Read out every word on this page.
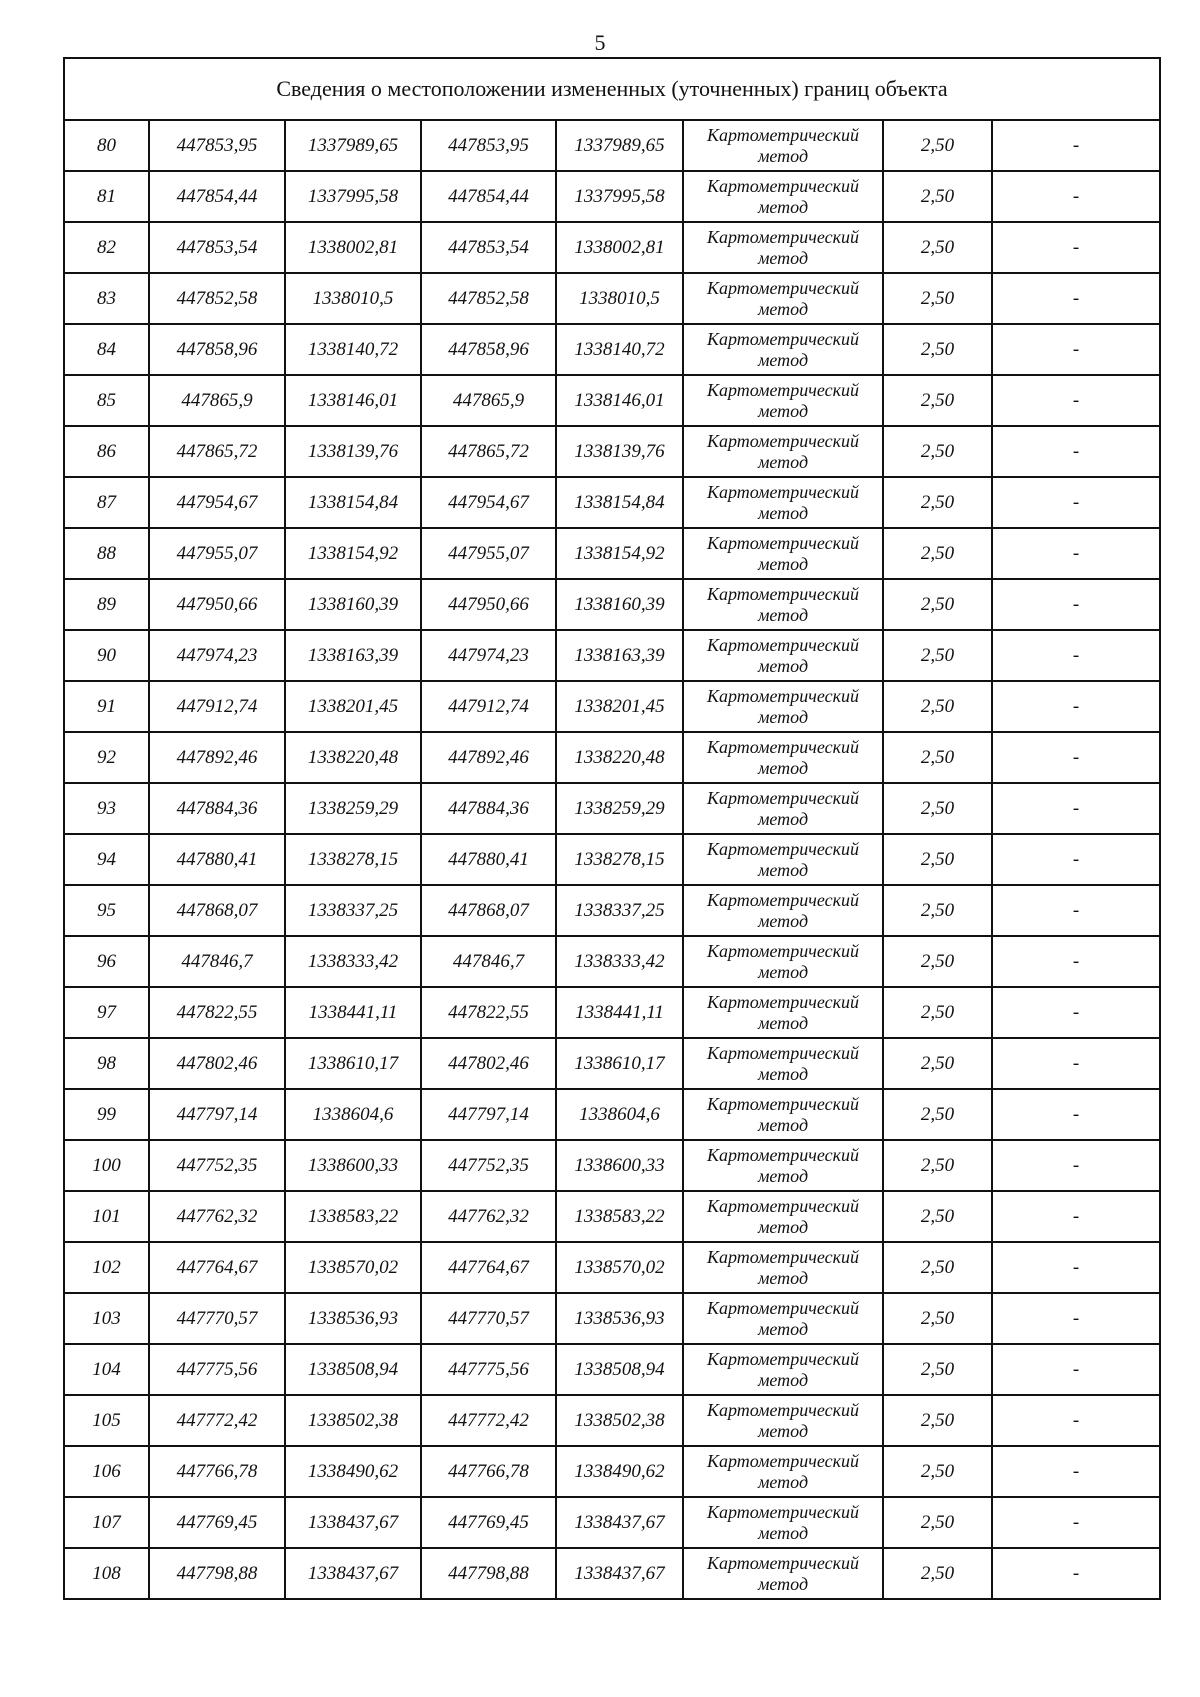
5
Сведения о местоположении измененных (уточненных) границ объекта							
80	447853,95	1337989,65	447853,95	1337989,65	Картометрический
метод	2,50	-
81	447854,44	1337995,58	447854,44	1337995,58	Картометрический
метод	2,50	-
82	447853,54	1338002,81	447853,54	1338002,81	Картометрический
метод	2,50	-
83	447852,58	1338010,5	447852,58	1338010,5	Картометрический
метод	2,50	-
84	447858,96	1338140,72	447858,96	1338140,72	Картометрический
метод	2,50	-
85	447865,9	1338146,01	447865,9	1338146,01	Картометрический
метод	2,50	-
86	447865,72	1338139,76	447865,72	1338139,76	Картометрический
метод	2,50	-
87	447954,67	1338154,84	447954,67	1338154,84	Картометрический
метод	2,50	-
88	447955,07	1338154,92	447955,07	1338154,92	Картометрический
метод	2,50	-
89	447950,66	1338160,39	447950,66	1338160,39	Картометрический
метод	2,50	-
90	447974,23	1338163,39	447974,23	1338163,39	Картометрический
метод	2,50	-
91	447912,74	1338201,45	447912,74	1338201,45	Картометрический
метод	2,50	-
92	447892,46	1338220,48	447892,46	1338220,48	Картометрический
метод	2,50	-
93	447884,36	1338259,29	447884,36	1338259,29	Картометрический
метод	2,50	-
94	447880,41	1338278,15	447880,41	1338278,15	Картометрический
метод	2,50	-
95	447868,07	1338337,25	447868,07	1338337,25	Картометрический
метод	2,50	-
96	447846,7	1338333,42	447846,7	1338333,42	Картометрический
метод	2,50	-
97	447822,55	1338441,11	447822,55	1338441,11	Картометрический
метод	2,50	-
98	447802,46	1338610,17	447802,46	1338610,17	Картометрический
метод	2,50	-
99	447797,14	1338604,6	447797,14	1338604,6	Картометрический
метод	2,50	-
100	447752,35	1338600,33	447752,35	1338600,33	Картометрический
метод	2,50	-
101	447762,32	1338583,22	447762,32	1338583,22	Картометрический
метод	2,50	-
102	447764,67	1338570,02	447764,67	1338570,02	Картометрический
метод	2,50	-
103	447770,57	1338536,93	447770,57	1338536,93	Картометрический
метод	2,50	-
104	447775,56	1338508,94	447775,56	1338508,94	Картометрический
метод	2,50	-
105	447772,42	1338502,38	447772,42	1338502,38	Картометрический
метод	2,50	-
106	447766,78	1338490,62	447766,78	1338490,62	Картометрический
метод	2,50	-
107	447769,45	1338437,67	447769,45	1338437,67	Картометрический
метод	2,50	-
108	447798,88	1338437,67	447798,88	1338437,67	Картометрический
метод	2,50	-
